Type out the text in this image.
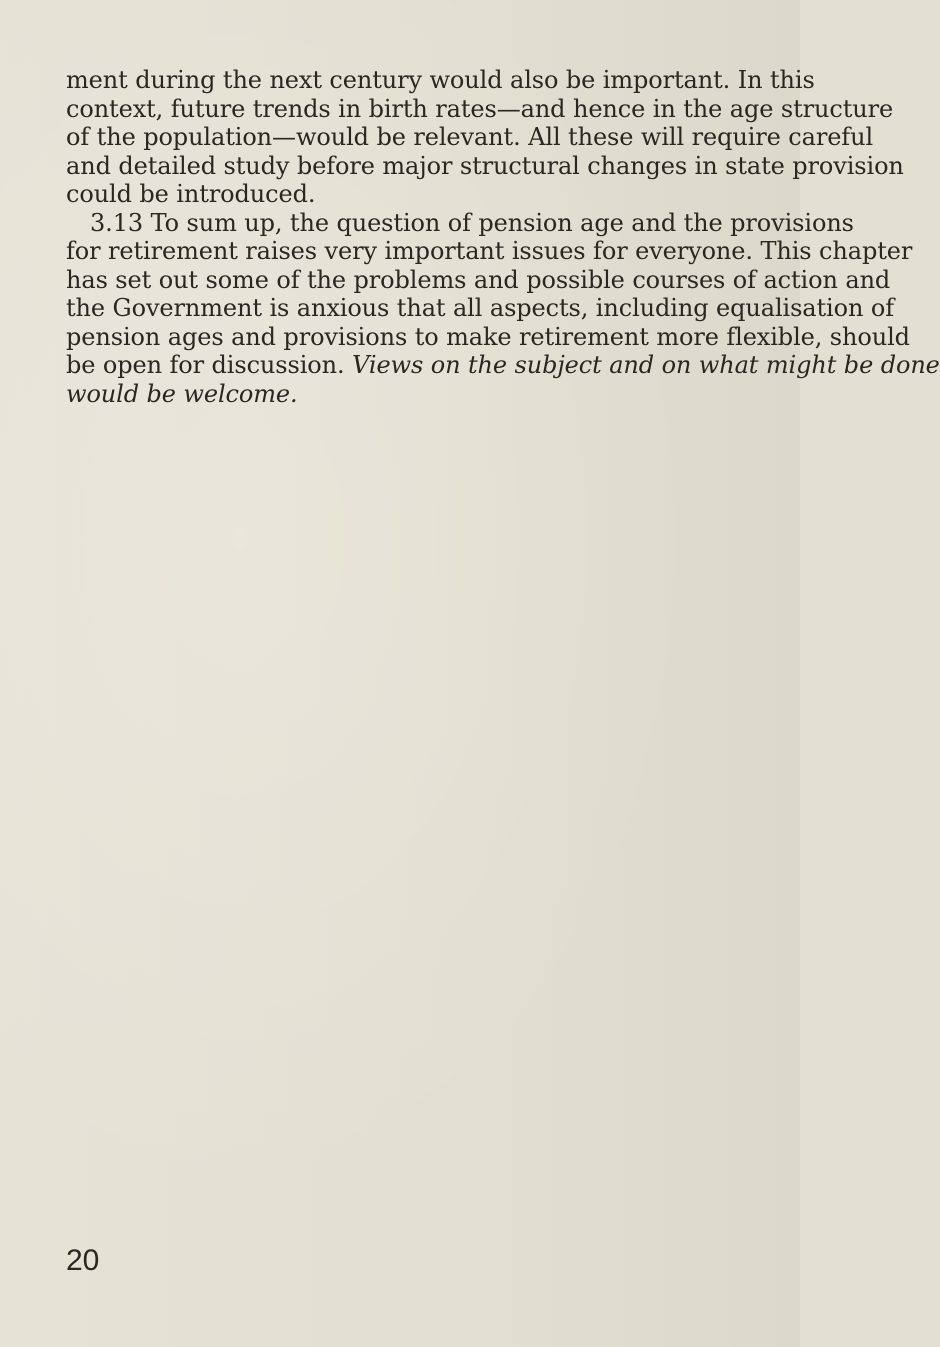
ment during the next century would also be important. In this
context, future trends in birth rates—and hence in the age structure
of the population—would be relevant. All these will require careful
and detailed study before major structural changes in state provision
could be introduced.
3.13 To sum up, the question of pension age and the provisions
for retirement raises very important issues for everyone. This chapter
has set out some of the problems and possible courses of action and
the Government is anxious that all aspects, including equalisation of
pension ages and provisions to make retirement more flexible, should
be open for discussion. Views on the subject and on what might be done
would be welcome.
20
